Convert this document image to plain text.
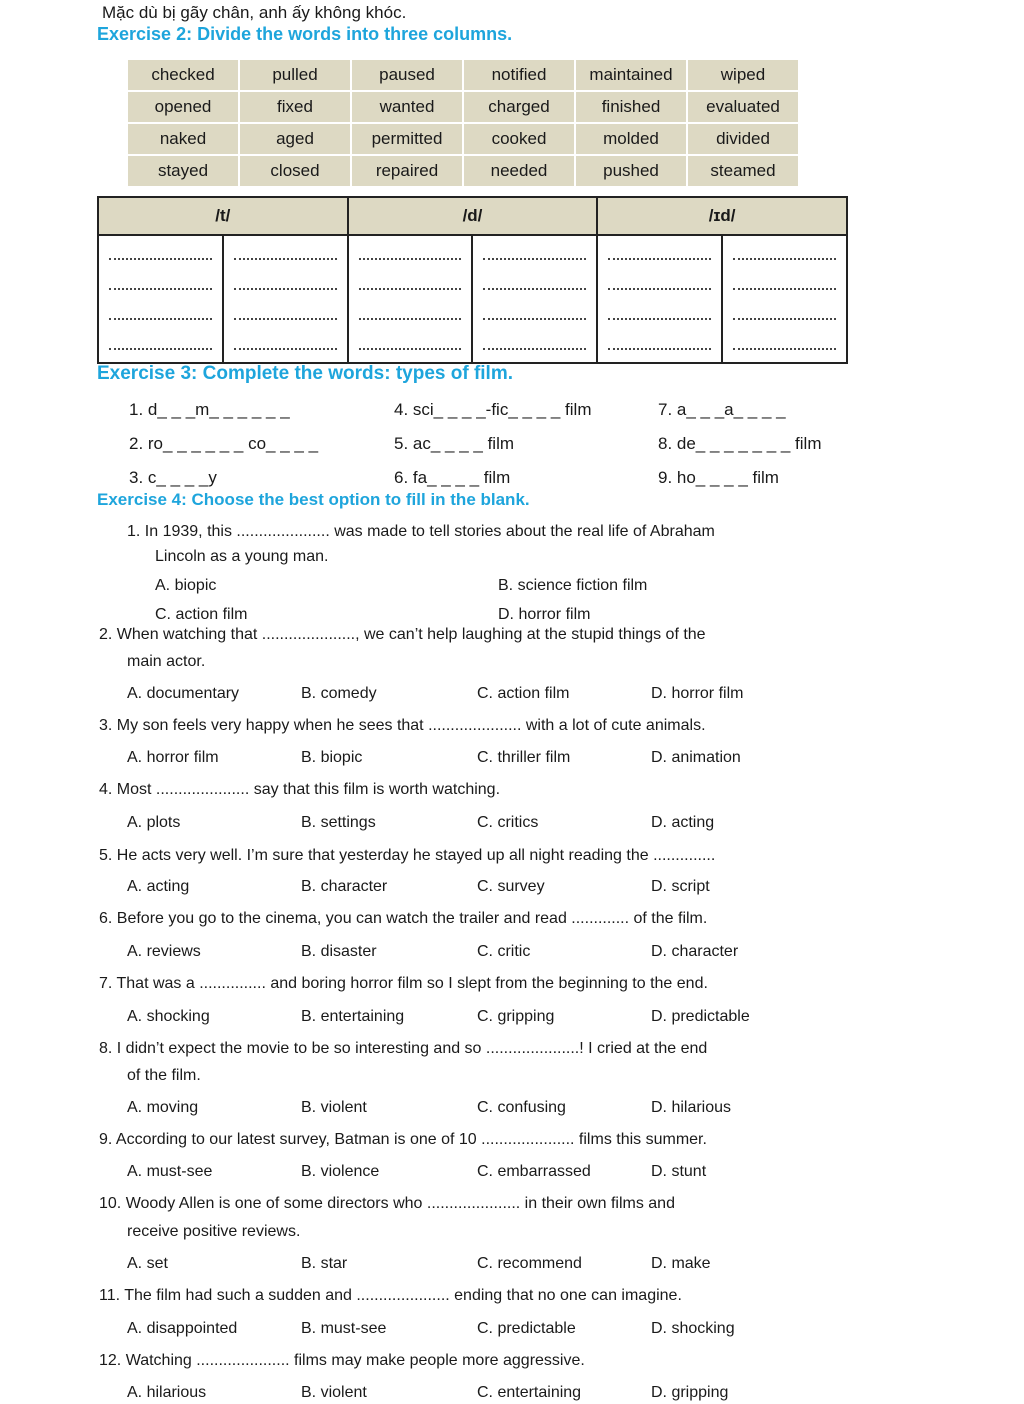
Mặc dù bị gãy chân, anh ấy không khóc.
Exercise 2: Divide the words into three columns.
checked	pulled	paused	notified	maintained	wiped
opened	fixed	wanted	charged	finished	evaluated
naked	aged	permitted	cooked	molded	divided
stayed	closed	repaired	needed	pushed	steamed
/t/		/d/		/ɪd/	

Exercise 3: Complete the words: types of film.
1. d_ _ _m_ _ _ _ _ _	4. sci_ _ _ _-fic_ _ _ _ film	7. a_ _ _a_ _ _ _
2. ro_ _ _ _ _ _ co_ _ _ _	5. ac_ _ _ _ film	8. de_ _ _ _ _ _ _ film
3. c_ _ _ _y	6. fa_ _ _ _ film	9. ho_ _ _ _ film
Exercise 4: Choose the best option to fill in the blank.
1. In 1939, this ..................... was made to tell stories about the real life of Abraham
Lincoln as a young man.
A. biopic	B. science fiction film
C. action film	D. horror film
2. When watching that ....................., we can’t help laughing at the stupid things of the
main actor.
A. documentary	B. comedy	C. action film	D. horror film
3. My son feels very happy when he sees that ..................... with a lot of cute animals.
A. horror film	B. biopic	C. thriller film	D. animation
4. Most ..................... say that this film is worth watching.
A. plots	B. settings	C. critics	D. acting
5. He acts very well. I’m sure that yesterday he stayed up all night reading the ..............
A. acting	B. character	C. survey	D. script
6. Before you go to the cinema, you can watch the trailer and read ............. of the film.
A. reviews	B. disaster	C. critic	D. character
7. That was a ............... and boring horror film so I slept from the beginning to the end.
A. shocking	B. entertaining	C. gripping	D. predictable
8. I didn’t expect the movie to be so interesting and so .....................! I cried at the end
of the film.
A. moving	B. violent	C. confusing	D. hilarious
9. According to our latest survey, Batman is one of 10 ..................... films this summer.
A. must-see	B. violence	C. embarrassed	D. stunt
10. Woody Allen is one of some directors who ..................... in their own films and
receive positive reviews.
A. set	B. star	C. recommend	D. make
11. The film had such a sudden and ..................... ending that no one can imagine.
A. disappointed	B. must-see	C. predictable	D. shocking
12. Watching ..................... films may make people more aggressive.
A. hilarious	B. violent	C. entertaining	D. gripping
